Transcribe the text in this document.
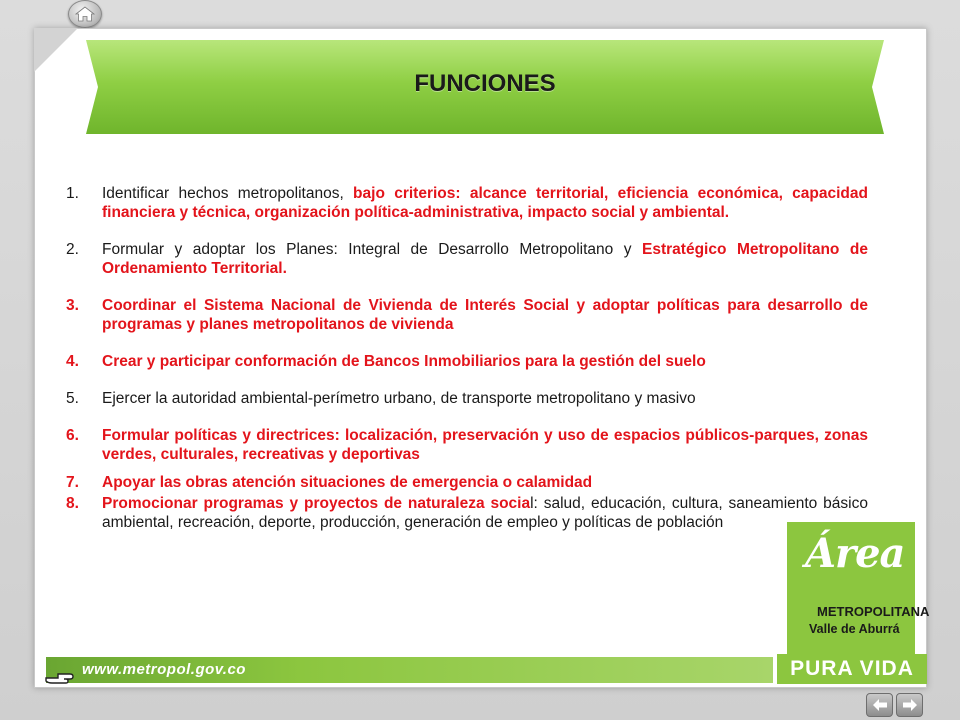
FUNCIONES
1.	Identificar hechos metropolitanos, bajo criterios: alcance territorial, eficiencia económica, capacidad financiera y técnica, organización política-administrativa, impacto social y ambiental.
2.	Formular y adoptar los Planes: Integral de Desarrollo Metropolitano y Estratégico Metropolitano de Ordenamiento Territorial.
3.	Coordinar el Sistema Nacional de Vivienda de Interés Social y adoptar políticas para desarrollo de programas y planes metropolitanos de vivienda
4.	Crear y participar conformación de Bancos Inmobiliarios para la gestión del suelo
5.	Ejercer la autoridad ambiental-perímetro urbano, de transporte metropolitano y masivo
6.	Formular políticas y directrices: localización, preservación y uso de espacios públicos-parques, zonas verdes, culturales, recreativas y deportivas
7.	Apoyar las obras atención situaciones de emergencia o calamidad
8.	Promocionar programas y proyectos de naturaleza social: salud, educación, cultura, saneamiento básico ambiental, recreación, deporte, producción, generación de empleo y políticas de población
Área
METROPOLITANA
Valle de Aburrá
www.metropol.gov.co	PURA VIDA
